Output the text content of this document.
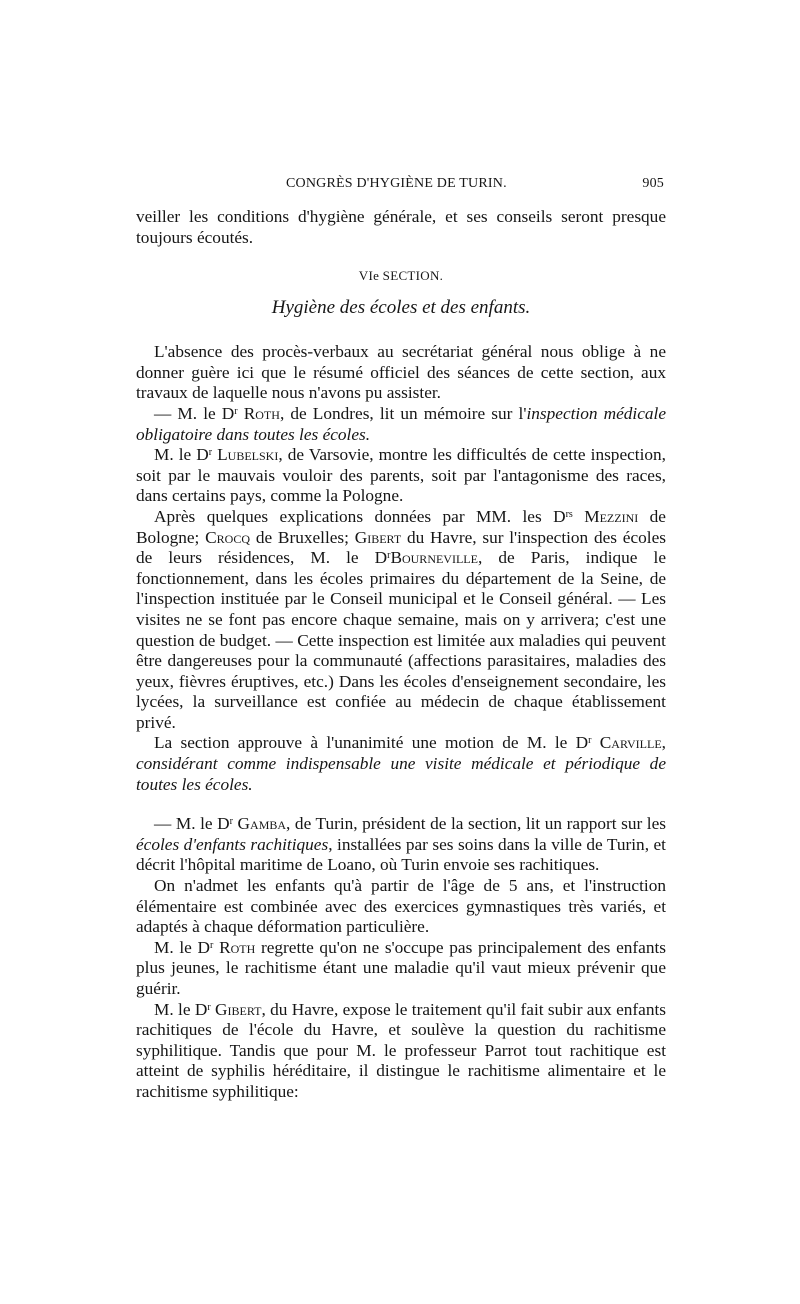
CONGRÈS D'HYGIÈNE DE TURIN.	905

veiller les conditions d'hygiène générale, et ses conseils seront presque toujours écoutés.

VIe SECTION.

Hygiène des écoles et des enfants.

L'absence des procès-verbaux au secrétariat général nous oblige à ne donner guère ici que le résumé officiel des séances de cette section, aux travaux de laquelle nous n'avons pu assister.

— M. le $D^r$ Roth, de Londres, lit un mémoire sur l'inspection médicale obligatoire dans toutes les écoles.

M. le $D^r$ Lubelski, de Varsovie, montre les difficultés de cette inspection, soit par le mauvais vouloir des parents, soit par l'antagonisme des races, dans certains pays, comme la Pologne.

Après quelques explications données par MM. les $D^{rs}$ Mezzini de Bologne; Crocq de Bruxelles; Gibert du Havre, sur l'inspection des écoles de leurs résidences, M. le $D^rBourneville$, de Paris, indique le fonctionnement, dans les écoles primaires du département de la Seine, de l'inspection instituée par le Conseil municipal et le Conseil général. — Les visites ne se font pas encore chaque semaine, mais on y arrivera; c'est une question de budget. — Cette inspection est limitée aux maladies qui peuvent être dangereuses pour la communauté (affections parasitaires, maladies des yeux, fièvres éruptives, etc.) Dans les écoles d'enseignement secondaire, les lycées, la surveillance est confiée au médecin de chaque établissement privé.

La section approuve à l'unanimité une motion de M. le $D^r$ Carville, considérant comme indispensable une visite médicale et périodique de toutes les écoles.

— M. le $D^r$ Gamba, de Turin, président de la section, lit un rapport sur les écoles d'enfants rachitiques, installées par ses soins dans la ville de Turin, et décrit l'hôpital maritime de Loano, où Turin envoie ses rachitiques.

On n'admet les enfants qu'à partir de l'âge de 5 ans, et l'instruction élémentaire est combinée avec des exercices gymnastiques très variés, et adaptés à chaque déformation particulière.

M. le $D^r$ Roth regrette qu'on ne s'occupe pas principalement des enfants plus jeunes, le rachitisme étant une maladie qu'il vaut mieux prévenir que guérir.

M. le $D^r$ Gibert, du Havre, expose le traitement qu'il fait subir aux enfants rachitiques de l'école du Havre, et soulève la question du rachitisme syphilitique. Tandis que pour M. le professeur Parrot tout rachitique est atteint de syphilis héréditaire, il distingue le rachitisme alimentaire et le rachitisme syphilitique:
